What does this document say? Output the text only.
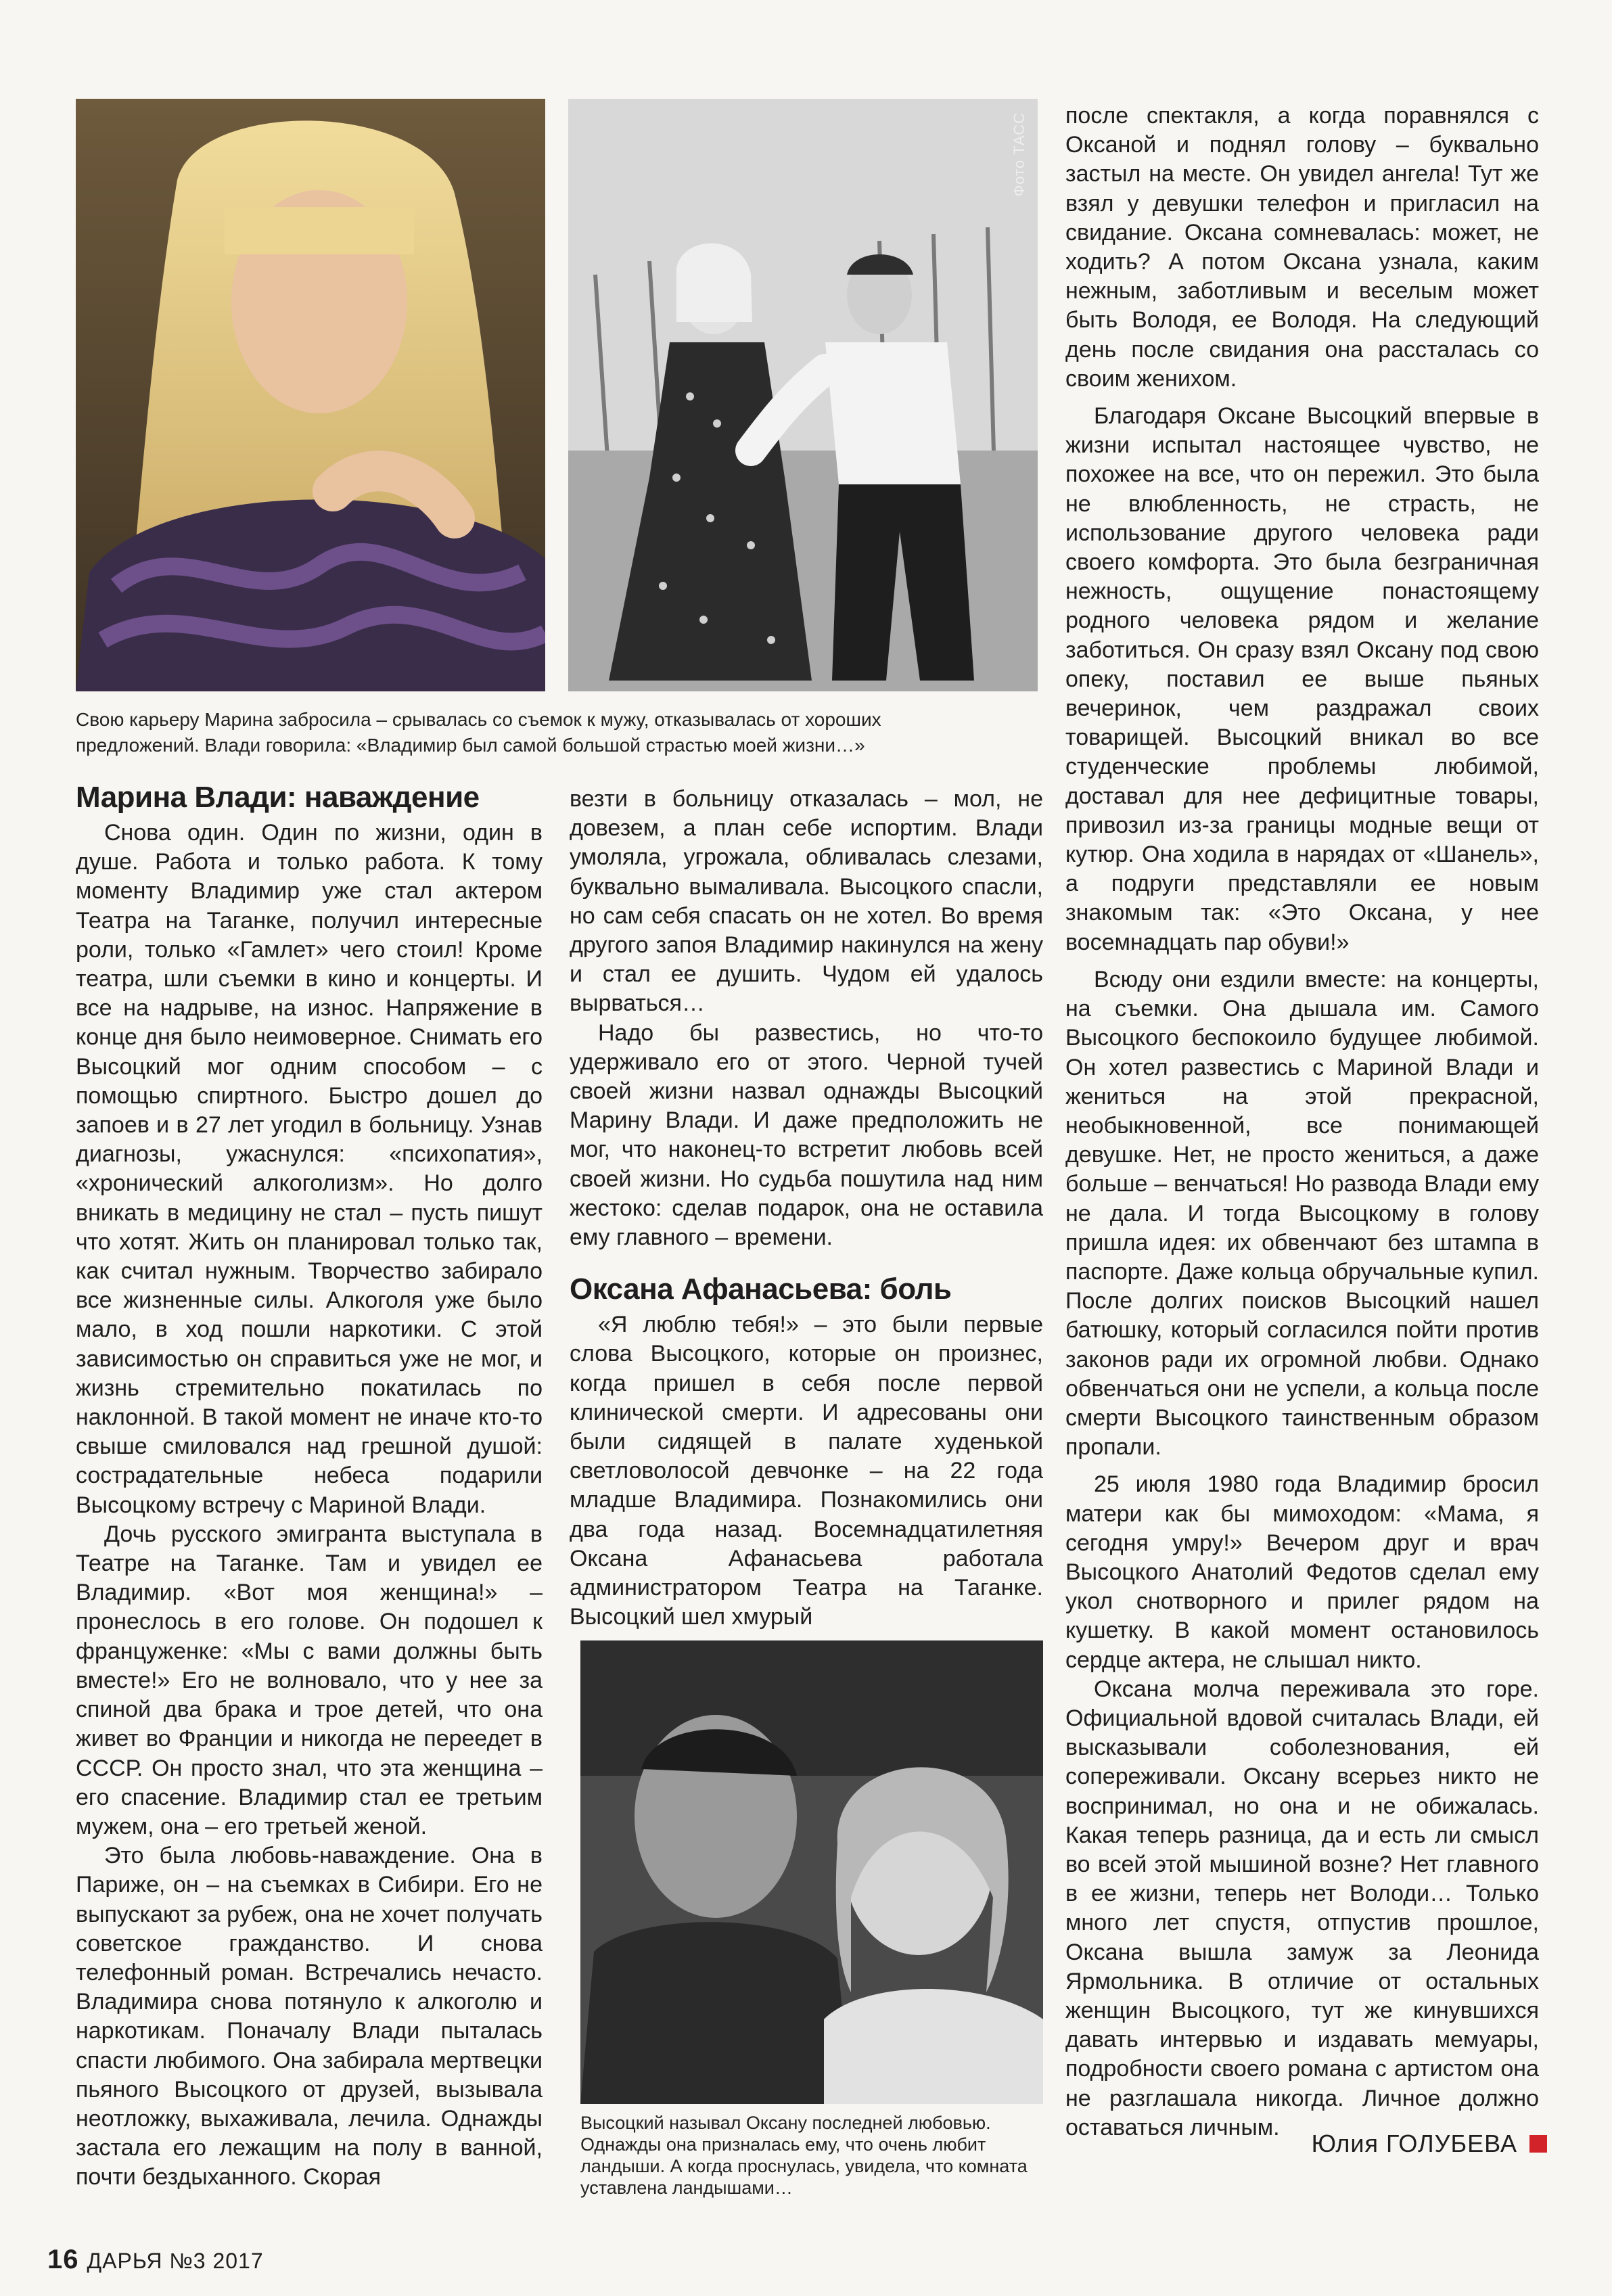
Фото ТАСС
Свою карьеру Марина забросила – срывалась со съемок к мужу, отказывалась от хороших предложений. Влади говорила: «Владимир был самой большой страстью моей жизни…»
Марина Влади: наваждение

Снова один. Один по жизни, один в душе. Работа и только работа. К тому моменту Владимир уже стал актером Театра на Таганке, получил интересные роли, только «Гамлет» чего стоил! Кроме театра, шли съемки в кино и концерты. И все на надрыве, на износ. Напряжение в конце дня было неимоверное. Снимать его Высоцкий мог одним способом – с помощью спиртного. Быстро дошел до запоев и в 27 лет угодил в больницу. Узнав диагнозы, ужаснулся: «психопатия», «хронический алкоголизм». Но долго вникать в медицину не стал – пусть пишут что хотят. Жить он планировал только так, как считал нужным. Творчество забирало все жизненные силы. Алкоголя уже было мало, в ход пошли наркотики. С этой зависимостью он справиться уже не мог, и жизнь стремительно покатилась по наклонной. В такой момент не иначе кто-то свыше смиловался над грешной душой: сострадательные небеса подарили Высоцкому встречу с Мариной Влади.

Дочь русского эмигранта выступала в Театре на Таганке. Там и увидел ее Владимир. «Вот моя женщина!» – пронеслось в его голове. Он подошел к француженке: «Мы с вами должны быть вместе!» Его не волновало, что у нее за спиной два брака и трое детей, что она живет во Франции и никогда не переедет в СССР. Он просто знал, что эта женщина – его спасение. Владимир стал ее третьим мужем, она – его третьей женой.

Это была любовь-наваждение. Она в Париже, он – на съемках в Сибири. Его не выпускают за рубеж, она не хочет получать советское гражданство. И снова телефонный роман. Встречались нечасто. Владимира снова потянуло к алкоголю и наркотикам. Поначалу Влади пыталась спасти любимого. Она забирала мертвецки пьяного Высоцкого от друзей, вызывала неотложку, выхаживала, лечила. Однажды застала его лежащим на полу в ванной, почти бездыханного. Скорая

везти в больницу отказалась – мол, не довезем, а план себе испортим. Влади умоляла, угрожала, обливалась слезами, буквально вымаливала. Высоцкого спасли, но сам себя спасать он не хотел. Во время другого запоя Владимир накинулся на жену и стал ее душить. Чудом ей удалось вырваться…

Надо бы развестись, но что-то удерживало его от этого. Черной тучей своей жизни назвал однажды Высоцкий Марину Влади. И даже предположить не мог, что наконец-то встретит любовь всей своей жизни. Но судьба пошутила над ним жестоко: сделав подарок, она не оставила ему главного – времени.

Оксана Афанасьева: боль

«Я люблю тебя!» – это были первые слова Высоцкого, которые он произнес, когда пришел в себя после первой клинической смерти. И адресованы они были сидящей в палате худенькой светловолосой девчонке – на 22 года младше Владимира. Познакомились они два года назад. Восемнадцатилетняя Оксана Афанасьева работала администратором Театра на Таганке. Высоцкий шел хмурый

Высоцкий называл Оксану последней любовью. Однажды она призналась ему, что очень любит ландыши. А когда проснулась, увидела, что комната уставлена ландышами…

после спектакля, а когда поравнялся с Оксаной и поднял голову – буквально застыл на месте. Он увидел ангела! Тут же взял у девушки телефон и пригласил на свидание. Оксана сомневалась: может, не ходить? А потом Оксана узнала, каким нежным, заботливым и веселым может быть Володя, ее Володя. На следующий день после свидания она рассталась со своим женихом.

Благодаря Оксане Высоцкий впервые в жизни испытал настоящее чувство, не похожее на все, что он пережил. Это была не влюбленность, не страсть, не использование другого человека ради своего комфорта. Это была безграничная нежность, ощущение понастоящему родного человека рядом и желание заботиться. Он сразу взял Оксану под свою опеку, поставил ее выше пьяных вечеринок, чем раздражал своих товарищей. Высоцкий вникал во все студенческие проблемы любимой, доставал для нее дефицитные товары, привозил из-за границы модные вещи от кутюр. Она ходила в нарядах от «Шанель», а подруги представляли ее новым знакомым так: «Это Оксана, у нее восемнадцать пар обуви!»

Всюду они ездили вместе: на концерты, на съемки. Она дышала им. Самого Высоцкого беспокоило будущее любимой. Он хотел развестись с Мариной Влади и жениться на этой прекрасной, необыкновенной, все понимающей девушке. Нет, не просто жениться, а даже больше – венчаться! Но развода Влади ему не дала. И тогда Высоцкому в голову пришла идея: их обвенчают без штампа в паспорте. Даже кольца обручальные купил. После долгих поисков Высоцкий нашел батюшку, который согласился пойти против законов ради их огромной любви. Однако обвенчаться они не успели, а кольца после смерти Высоцкого таинственным образом пропали.

25 июля 1980 года Владимир бросил матери как бы мимоходом: «Мама, я сегодня умру!» Вечером друг и врач Высоцкого Анатолий Федотов сделал ему укол снотворного и прилег рядом на кушетку. В какой момент остановилось сердце актера, не слышал никто.

Оксана молча переживала это горе. Официальной вдовой считалась Влади, ей высказывали соболезнования, ей сопереживали. Оксану всерьез никто не воспринимал, но она и не обижалась. Какая теперь разница, да и есть ли смысл во всей этой мышиной возне? Нет главного в ее жизни, теперь нет Володи… Только много лет спустя, отпустив прошлое, Оксана вышла замуж за Леонида Ярмольника. В отличие от остальных женщин Высоцкого, тут же кинувшихся давать интервью и издавать мемуары, подробности своего романа с артистом она не разглашала никогда. Личное должно оставаться личным.

Юлия ГОЛУБЕВА
16 ДАРЬЯ №3 2017
